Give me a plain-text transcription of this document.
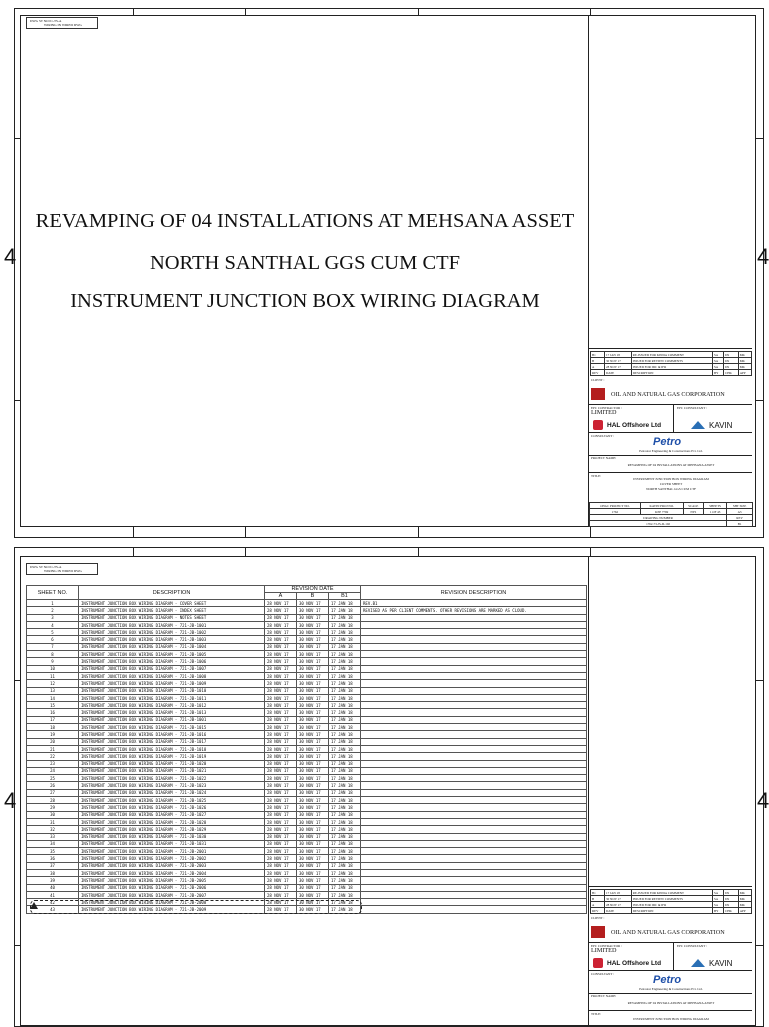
4	4
DWG ST NO 01-TS-A
WIRING IN WIRED DWG
REVAMPING OF 04 INSTALLATIONS AT MEHSANA ASSET
NORTH SANTHAL GGS CUM CTF
INSTRUMENT JUNCTION BOX WIRING DIAGRAM
B1	17 JAN 18	RE-ISSUED FOR KINDA COMMENT	SA	DS	MK
B	30 NOV 17	ISSUED FOR REVIEW COMMENTS	SA	DS	MK
A	28 NOV 17	ISSUED FOR IDC & IFR	SA	DS	MK
REV	DATE	DESCRIPTION	BY	CHK	APP
CLIENT :
OIL AND NATURAL GAS CORPORATION LIMITED
EPC CONTRACTOR :	EPC CONSULTANT :
HAL Offshore Ltd	KAVIN
CONSULTANT :	Petro
Petrostar Engineering & Constructions Pvt. Ltd.
PROJECT NAME:
REVAMPING OF 04 INSTALLATIONS AT MEHSANA ASSET
TITLE:
INSTRUMENT JUNCTION BOX WIRING DIAGRAM
COVER SHEET
NORTH SANTHAL GGS CUM CTF
ONGC PROJECT NO.	KAVIN PROJ NO.	SCALE	SHEETS	SHT SIZE
1762	KEP 7769	NTS	1 OF 43	A3
DRAWING NUMBER				REV
1762-73-JS-D-102				B1
4	4
DWG ST NO 01-TS-A
WIRING IN WIRED DWG
SHEET NO.	DESCRIPTION	REVISION DATE			REVISION DESCRIPTION
		A	B	B1	
1	INSTRUMENT JUNCTION BOX WIRING DIAGRAM - COVER SHEET	28 NOV 17	30 NOV 17	17 JAN 18	REV.B1
2	INSTRUMENT JUNCTION BOX WIRING DIAGRAM - INDEX SHEET	28 NOV 17	30 NOV 17	17 JAN 18	REVISED AS PER CLIENT COMMENTS. OTHER REVISIONS ARE MARKED AS CLOUD.
3	INSTRUMENT JUNCTION BOX WIRING DIAGRAM - NOTES SHEET	28 NOV 17	30 NOV 17	17 JAN 18	
4	INSTRUMENT JUNCTION BOX WIRING DIAGRAM - 721-JB-1001	28 NOV 17	30 NOV 17	17 JAN 18	
5	INSTRUMENT JUNCTION BOX WIRING DIAGRAM - 721-JB-1002	28 NOV 17	30 NOV 17	17 JAN 18	
6	INSTRUMENT JUNCTION BOX WIRING DIAGRAM - 721-JB-1003	28 NOV 17	30 NOV 17	17 JAN 18	
7	INSTRUMENT JUNCTION BOX WIRING DIAGRAM - 721-JB-1004	28 NOV 17	30 NOV 17	17 JAN 18	
8	INSTRUMENT JUNCTION BOX WIRING DIAGRAM - 721-JB-1005	28 NOV 17	30 NOV 17	17 JAN 18	
9	INSTRUMENT JUNCTION BOX WIRING DIAGRAM - 721-JB-1006	28 NOV 17	30 NOV 17	17 JAN 18	
10	INSTRUMENT JUNCTION BOX WIRING DIAGRAM - 721-JB-1007	28 NOV 17	30 NOV 17	17 JAN 18	
11	INSTRUMENT JUNCTION BOX WIRING DIAGRAM - 721-JB-1008	28 NOV 17	30 NOV 17	17 JAN 18	
12	INSTRUMENT JUNCTION BOX WIRING DIAGRAM - 721-JB-1009	28 NOV 17	30 NOV 17	17 JAN 18	
13	INSTRUMENT JUNCTION BOX WIRING DIAGRAM - 721-JB-1010	28 NOV 17	30 NOV 17	17 JAN 18	
14	INSTRUMENT JUNCTION BOX WIRING DIAGRAM - 721-JB-1011	28 NOV 17	30 NOV 17	17 JAN 18	
15	INSTRUMENT JUNCTION BOX WIRING DIAGRAM - 721-JB-1012	28 NOV 17	30 NOV 17	17 JAN 18	
16	INSTRUMENT JUNCTION BOX WIRING DIAGRAM - 721-JB-1013	28 NOV 17	30 NOV 17	17 JAN 18	
17	INSTRUMENT JUNCTION BOX WIRING DIAGRAM - 721-JB-1001	28 NOV 17	30 NOV 17	17 JAN 18	
18	INSTRUMENT JUNCTION BOX WIRING DIAGRAM - 721-JB-1015	28 NOV 17	30 NOV 17	17 JAN 18	
19	INSTRUMENT JUNCTION BOX WIRING DIAGRAM - 721-JB-1016	28 NOV 17	30 NOV 17	17 JAN 18	
20	INSTRUMENT JUNCTION BOX WIRING DIAGRAM - 721-JB-1017	28 NOV 17	30 NOV 17	17 JAN 18	
21	INSTRUMENT JUNCTION BOX WIRING DIAGRAM - 721-JB-1018	28 NOV 17	30 NOV 17	17 JAN 18	
22	INSTRUMENT JUNCTION BOX WIRING DIAGRAM - 721-JB-1019	28 NOV 17	30 NOV 17	17 JAN 18	
23	INSTRUMENT JUNCTION BOX WIRING DIAGRAM - 721-JB-1020	28 NOV 17	30 NOV 17	17 JAN 18	
24	INSTRUMENT JUNCTION BOX WIRING DIAGRAM - 721-JB-1021	28 NOV 17	30 NOV 17	17 JAN 18	
25	INSTRUMENT JUNCTION BOX WIRING DIAGRAM - 721-JB-1022	28 NOV 17	30 NOV 17	17 JAN 18	
26	INSTRUMENT JUNCTION BOX WIRING DIAGRAM - 721-JB-1023	28 NOV 17	30 NOV 17	17 JAN 18	
27	INSTRUMENT JUNCTION BOX WIRING DIAGRAM - 721-JB-1024	28 NOV 17	30 NOV 17	17 JAN 18	
28	INSTRUMENT JUNCTION BOX WIRING DIAGRAM - 721-JB-1025	28 NOV 17	30 NOV 17	17 JAN 18	
29	INSTRUMENT JUNCTION BOX WIRING DIAGRAM - 721-JB-1026	28 NOV 17	30 NOV 17	17 JAN 18	
30	INSTRUMENT JUNCTION BOX WIRING DIAGRAM - 721-JB-1027	28 NOV 17	30 NOV 17	17 JAN 18	
31	INSTRUMENT JUNCTION BOX WIRING DIAGRAM - 721-JB-1028	28 NOV 17	30 NOV 17	17 JAN 18	
32	INSTRUMENT JUNCTION BOX WIRING DIAGRAM - 721-JB-1029	28 NOV 17	30 NOV 17	17 JAN 18	
33	INSTRUMENT JUNCTION BOX WIRING DIAGRAM - 721-JB-1030	28 NOV 17	30 NOV 17	17 JAN 18	
34	INSTRUMENT JUNCTION BOX WIRING DIAGRAM - 721-JB-1031	28 NOV 17	30 NOV 17	17 JAN 18	
35	INSTRUMENT JUNCTION BOX WIRING DIAGRAM - 721-JB-2001	28 NOV 17	30 NOV 17	17 JAN 18	
36	INSTRUMENT JUNCTION BOX WIRING DIAGRAM - 721-JB-2002	28 NOV 17	30 NOV 17	17 JAN 18	
37	INSTRUMENT JUNCTION BOX WIRING DIAGRAM - 721-JB-2003	28 NOV 17	30 NOV 17	17 JAN 18	
38	INSTRUMENT JUNCTION BOX WIRING DIAGRAM - 721-JB-2004	28 NOV 17	30 NOV 17	17 JAN 18	
39	INSTRUMENT JUNCTION BOX WIRING DIAGRAM - 721-JB-2005	28 NOV 17	30 NOV 17	17 JAN 18	
40	INSTRUMENT JUNCTION BOX WIRING DIAGRAM - 721-JB-2006	28 NOV 17	30 NOV 17	17 JAN 18	
41	INSTRUMENT JUNCTION BOX WIRING DIAGRAM - 721-JB-2007	28 NOV 17	30 NOV 17	17 JAN 18	
42	INSTRUMENT JUNCTION BOX WIRING DIAGRAM - 721-JB-2008	28 NOV 17	30 NOV 17	17 JAN 18	
43	INSTRUMENT JUNCTION BOX WIRING DIAGRAM - 721-JB-2009	28 NOV 17	30 NOV 17	17 JAN 18	
B1	17 JAN 18	RE-ISSUED FOR KINDA COMMENT	SA	DS	MK
B	30 NOV 17	ISSUED FOR REVIEW COMMENTS	SA	DS	MK
A	28 NOV 17	ISSUED FOR IDC & IFR	SA	DS	MK
REV	DATE	DESCRIPTION	BY	CHK	APP
CLIENT :
OIL AND NATURAL GAS CORPORATION LIMITED
EPC CONTRACTOR :	EPC CONSULTANT :
HAL Offshore Ltd	KAVIN
CONSULTANT :	Petro
Petrostar Engineering & Constructions Pvt. Ltd.
PROJECT NAME:
REVAMPING OF 04 INSTALLATIONS AT MEHSANA ASSET
TITLE:
INSTRUMENT JUNCTION BOX WIRING DIAGRAM
